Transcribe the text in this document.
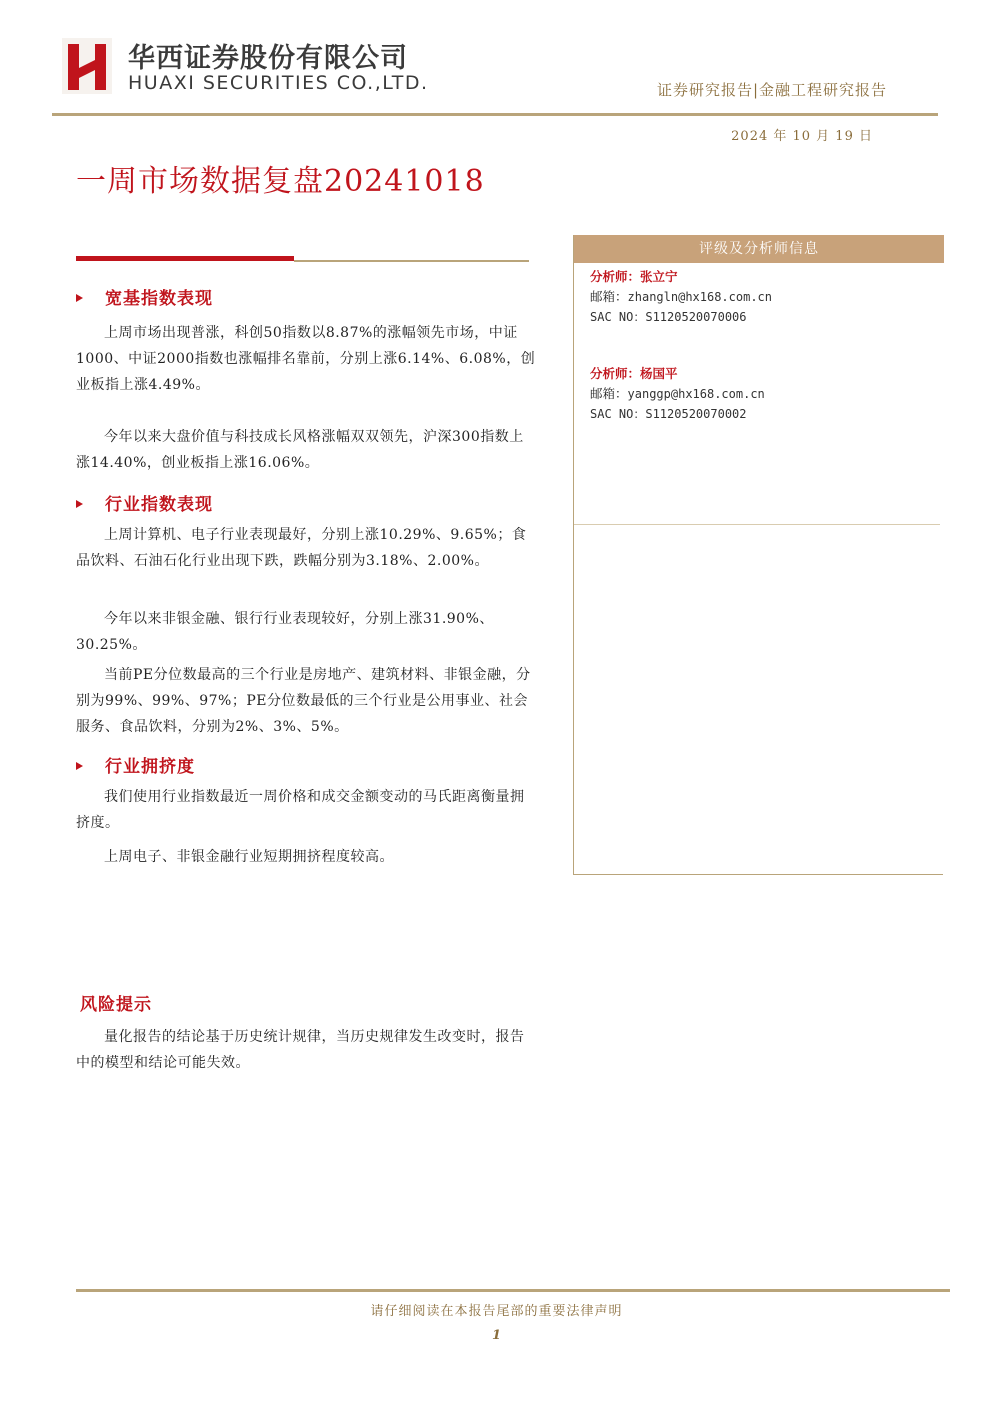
华西证券股份有限公司
HUAXI SECURITIES CO.,LTD.	证券研究报告|金融工程研究报告
2024 年 10 月 19 日
一周市场数据复盘20241018
宽基指数表现

上周市场出现普涨，科创50指数以8.87%的涨幅领先市场，中证1000、中证2000指数也涨幅排名靠前，分别上涨6.14%、6.08%，创业板指上涨4.49%。

今年以来大盘价值与科技成长风格涨幅双双领先，沪深300指数上涨14.40%，创业板指上涨16.06%。

行业指数表现

上周计算机、电子行业表现最好，分别上涨10.29%、9.65%；食品饮料、石油石化行业出现下跌，跌幅分别为3.18%、2.00%。

今年以来非银金融、银行行业表现较好，分别上涨31.90%、30.25%。

当前PE分位数最高的三个行业是房地产、建筑材料、非银金融，分别为99%、99%、97%；PE分位数最低的三个行业是公用事业、社会服务、食品饮料，分别为2%、3%、5%。

行业拥挤度

我们使用行业指数最近一周价格和成交金额变动的马氏距离衡量拥挤度。

上周电子、非银金融行业短期拥挤程度较高。

风险提示

量化报告的结论基于历史统计规律，当历史规律发生改变时，报告中的模型和结论可能失效。

评级及分析师信息
分析师：张立宁
邮箱：zhangln@hx168.com.cn
SAC NO：S1120520070006
分析师：杨国平
邮箱：yanggp@hx168.com.cn
SAC NO：S1120520070002
请仔细阅读在本报告尾部的重要法律声明
1
